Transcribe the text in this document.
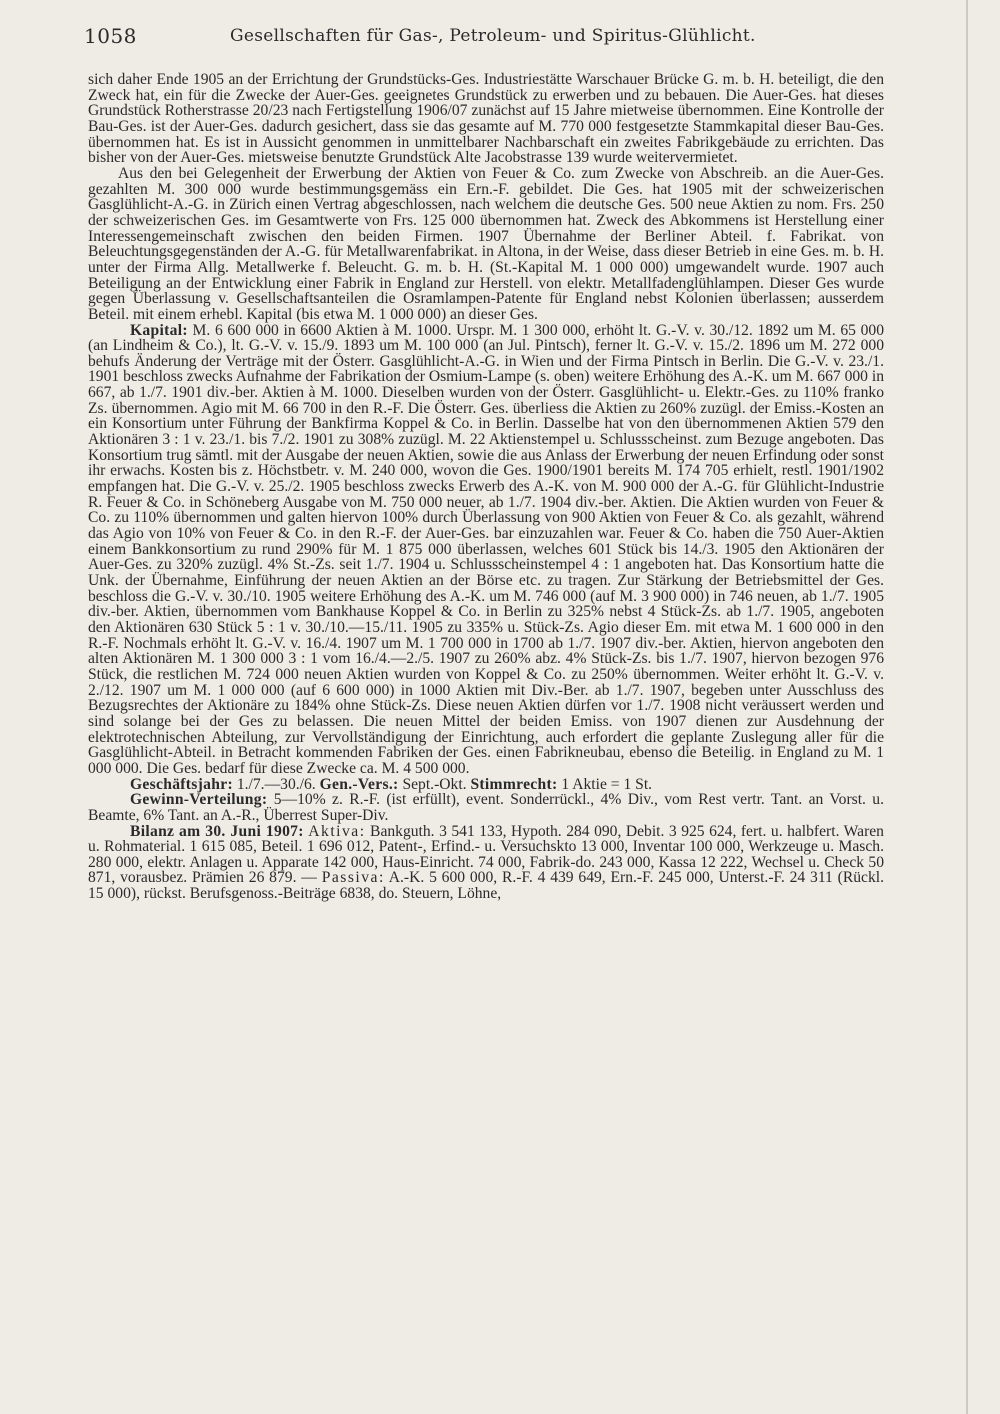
1058	Gesellschaften für Gas-, Petroleum- und Spiritus-Glühlicht.

sich daher Ende 1905 an der Errichtung der Grundstücks-Ges. Industriestätte Warschauer Brücke G. m. b. H. beteiligt, die den Zweck hat, ein für die Zwecke der Auer-Ges. geeignetes Grundstück zu erwerben und zu bebauen. Die Auer-Ges. hat dieses Grundstück Rotherstrasse 20/23 nach Fertigstellung 1906/07 zunächst auf 15 Jahre mietweise übernommen. Eine Kontrolle der Bau-Ges. ist der Auer-Ges. dadurch gesichert, dass sie das gesamte auf M. 770 000 festgesetzte Stammkapital dieser Bau-Ges. übernommen hat. Es ist in Aussicht genommen in unmittelbarer Nachbarschaft ein zweites Fabrikgebäude zu errichten. Das bisher von der Auer-Ges. mietsweise benutzte Grundstück Alte Jacobstrasse 139 wurde weitervermietet.

Aus den bei Gelegenheit der Erwerbung der Aktien von Feuer & Co. zum Zwecke von Abschreib. an die Auer-Ges. gezahlten M. 300 000 wurde bestimmungsgemäss ein Ern.-F. gebildet. Die Ges. hat 1905 mit der schweizerischen Gasglühlicht-A.-G. in Zürich einen Vertrag abgeschlossen, nach welchem die deutsche Ges. 500 neue Aktien zu nom. Frs. 250 der schweizerischen Ges. im Gesamtwerte von Frs. 125 000 übernommen hat. Zweck des Abkommens ist Herstellung einer Interessengemeinschaft zwischen den beiden Firmen. 1907 Übernahme der Berliner Abteil. f. Fabrikat. von Beleuchtungsgegenständen der A.-G. für Metallwarenfabrikat. in Altona, in der Weise, dass dieser Betrieb in eine Ges. m. b. H. unter der Firma Allg. Metallwerke f. Beleucht. G. m. b. H. (St.-Kapital M. 1 000 000) umgewandelt wurde. 1907 auch Beteiligung an der Entwicklung einer Fabrik in England zur Herstell. von elektr. Metallfadenglühlampen. Dieser Ges wurde gegen Überlassung v. Gesellschaftsanteilen die Osramlampen-Patente für England nebst Kolonien überlassen; ausserdem Beteil. mit einem erhebl. Kapital (bis etwa M. 1 000 000) an dieser Ges.

Kapital: M. 6 600 000 in 6600 Aktien à M. 1000. Urspr. M. 1 300 000, erhöht lt. G.-V. v. 30./12. 1892 um M. 65 000 (an Lindheim & Co.), lt. G.-V. v. 15./9. 1893 um M. 100 000 (an Jul. Pintsch), ferner lt. G.-V. v. 15./2. 1896 um M. 272 000 behufs Änderung der Verträge mit der Österr. Gasglühlicht-A.-G. in Wien und der Firma Pintsch in Berlin. Die G.-V. v. 23./1. 1901 beschloss zwecks Aufnahme der Fabrikation der Osmium-Lampe (s. oben) weitere Erhöhung des A.-K. um M. 667 000 in 667, ab 1./7. 1901 div.-ber. Aktien à M. 1000. Dieselben wurden von der Österr. Gasglühlicht- u. Elektr.-Ges. zu 110% franko Zs. übernommen. Agio mit M. 66 700 in den R.-F. Die Österr. Ges. überliess die Aktien zu 260% zuzügl. der Emiss.-Kosten an ein Konsortium unter Führung der Bankfirma Koppel & Co. in Berlin. Dasselbe hat von den übernommenen Aktien 579 den Aktionären 3 : 1 v. 23./1. bis 7./2. 1901 zu 308% zuzügl. M. 22 Aktienstempel u. Schlussscheinst. zum Bezuge angeboten. Das Konsortium trug sämtl. mit der Ausgabe der neuen Aktien, sowie die aus Anlass der Erwerbung der neuen Erfindung oder sonst ihr erwachs. Kosten bis z. Höchstbetr. v. M. 240 000, wovon die Ges. 1900/1901 bereits M. 174 705 erhielt, restl. 1901/1902 empfangen hat. Die G.-V. v. 25./2. 1905 beschloss zwecks Erwerb des A.-K. von M. 900 000 der A.-G. für Glühlicht-Industrie R. Feuer & Co. in Schöneberg Ausgabe von M. 750 000 neuer, ab 1./7. 1904 div.-ber. Aktien. Die Aktien wurden von Feuer & Co. zu 110% übernommen und galten hiervon 100% durch Überlassung von 900 Aktien von Feuer & Co. als gezahlt, während das Agio von 10% von Feuer & Co. in den R.-F. der Auer-Ges. bar einzuzahlen war. Feuer & Co. haben die 750 Auer-Aktien einem Bankkonsortium zu rund 290% für M. 1 875 000 überlassen, welches 601 Stück bis 14./3. 1905 den Aktionären der Auer-Ges. zu 320% zuzügl. 4% St.-Zs. seit 1./7. 1904 u. Schlussscheinstempel 4 : 1 angeboten hat. Das Konsortium hatte die Unk. der Übernahme, Einführung der neuen Aktien an der Börse etc. zu tragen. Zur Stärkung der Betriebsmittel der Ges. beschloss die G.-V. v. 30./10. 1905 weitere Erhöhung des A.-K. um M. 746 000 (auf M. 3 900 000) in 746 neuen, ab 1./7. 1905 div.-ber. Aktien, übernommen vom Bankhause Koppel & Co. in Berlin zu 325% nebst 4 Stück-Zs. ab 1./7. 1905, angeboten den Aktionären 630 Stück 5 : 1 v. 30./10.—15./11. 1905 zu 335% u. Stück-Zs. Agio dieser Em. mit etwa M. 1 600 000 in den R.-F. Nochmals erhöht lt. G.-V. v. 16./4. 1907 um M. 1 700 000 in 1700 ab 1./7. 1907 div.-ber. Aktien, hiervon angeboten den alten Aktionären M. 1 300 000 3 : 1 vom 16./4.—2./5. 1907 zu 260% abz. 4% Stück-Zs. bis 1./7. 1907, hiervon bezogen 976 Stück, die restlichen M. 724 000 neuen Aktien wurden von Koppel & Co. zu 250% übernommen. Weiter erhöht lt. G.-V. v. 2./12. 1907 um M. 1 000 000 (auf 6 600 000) in 1000 Aktien mit Div.-Ber. ab 1./7. 1907, begeben unter Ausschluss des Bezugsrechtes der Aktionäre zu 184% ohne Stück-Zs. Diese neuen Aktien dürfen vor 1./7. 1908 nicht veräussert werden und sind solange bei der Ges zu belassen. Die neuen Mittel der beiden Emiss. von 1907 dienen zur Ausdehnung der elektrotechnischen Abteilung, zur Vervollständigung der Einrichtung, auch erfordert die geplante Zuslegung aller für die Gasglühlicht-Abteil. in Betracht kommenden Fabriken der Ges. einen Fabrikneubau, ebenso die Beteilig. in England zu M. 1 000 000. Die Ges. bedarf für diese Zwecke ca. M. 4 500 000.

Geschäftsjahr: 1./7.—30./6. Gen.-Vers.: Sept.-Okt. Stimmrecht: 1 Aktie = 1 St.

Gewinn-Verteilung: 5—10% z. R.-F. (ist erfüllt), event. Sonderrückl., 4% Div., vom Rest vertr. Tant. an Vorst. u. Beamte, 6% Tant. an A.-R., Überrest Super-Div.

Bilanz am 30. Juni 1907: Aktiva: Bankguth. 3 541 133, Hypoth. 284 090, Debit. 3 925 624, fert. u. halbfert. Waren u. Rohmaterial. 1 615 085, Beteil. 1 696 012, Patent-, Erfind.- u. Versuchskto 13 000, Inventar 100 000, Werkzeuge u. Masch. 280 000, elektr. Anlagen u. Apparate 142 000, Haus-Einricht. 74 000, Fabrik-do. 243 000, Kassa 12 222, Wechsel u. Check 50 871, vorausbez. Prämien 26 879. — Passiva: A.-K. 5 600 000, R.-F. 4 439 649, Ern.-F. 245 000, Unterst.-F. 24 311 (Rückl. 15 000), rückst. Berufsgenoss.-Beiträge 6838, do. Steuern, Löhne,
